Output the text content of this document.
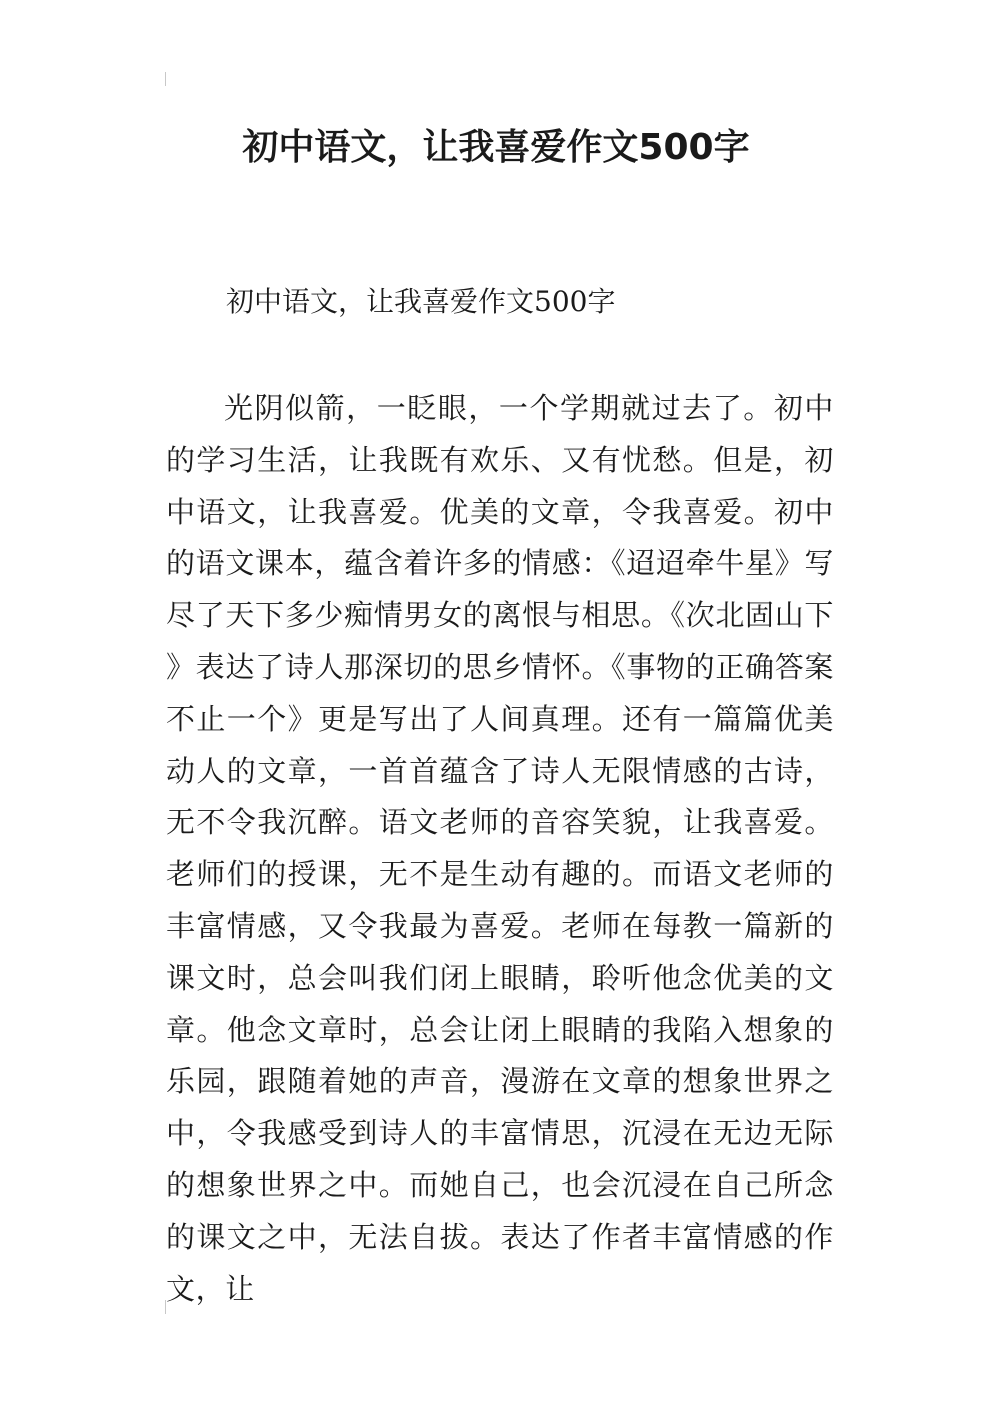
初中语文，让我喜爱作文500字

初中语文，让我喜爱作文500字

光阴似箭，一眨眼，一个学期就过去了。初中的学习生活，让我既有欢乐、又有忧愁。但是，初中语文，让我喜爱。优美的文章，令我喜爱。初中的语文课本，蕴含着许多的情感：《迢迢牵牛星》写尽了天下多少痴情男女的离恨与相思。《次北固山下》表达了诗人那深切的思乡情怀。《事物的正确答案不止一个》更是写出了人间真理。还有一篇篇优美动人的文章，一首首蕴含了诗人无限情感的古诗，无不令我沉醉。语文老师的音容笑貌，让我喜爱。老师们的授课，无不是生动有趣的。而语文老师的丰富情感，又令我最为喜爱。老师在每教一篇新的课文时，总会叫我们闭上眼睛，聆听他念优美的文章。他念文章时，总会让闭上眼睛的我陷入想象的乐园，跟随着她的声音，漫游在文章的想象世界之中，令我感受到诗人的丰富情思，沉浸在无边无际的想象世界之中。而她自己，也会沉浸在自己所念的课文之中，无法自拔。表达了作者丰富情感的作文，让
